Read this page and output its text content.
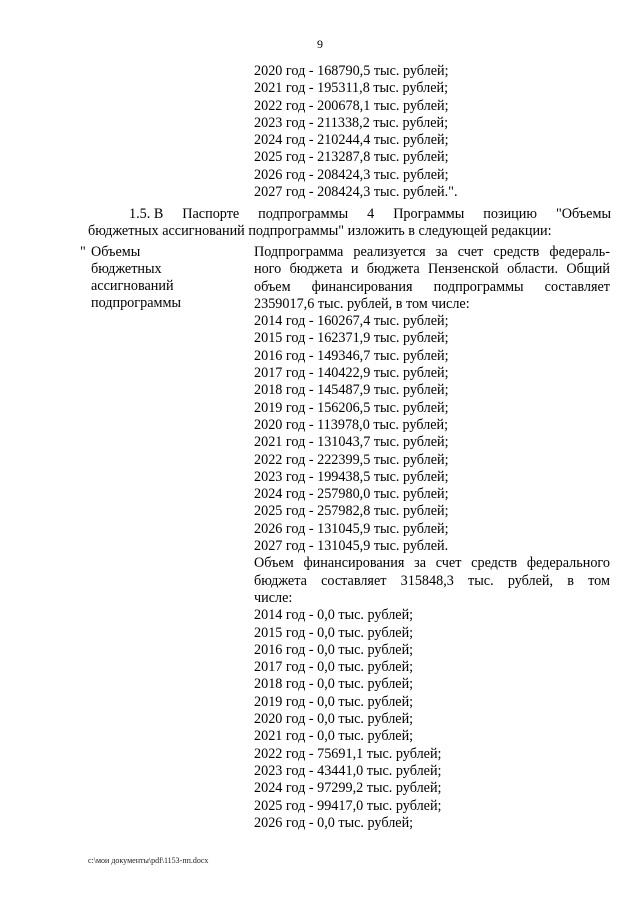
9
2020 год - 168790,5 тыс. рублей;
2021 год - 195311,8 тыс. рублей;
2022 год - 200678,1 тыс. рублей;
2023 год - 211338,2 тыс. рублей;
2024 год - 210244,4 тыс. рублей;
2025 год - 213287,8 тыс. рублей;
2026 год - 208424,3 тыс. рублей;
2027 год - 208424,3 тыс. рублей.".
1.5. В Паспорте подпрограммы 4 Программы позицию "Объемы
бюджетных ассигнований подпрограммы" изложить в следующей редакции:
" Объемы
бюджетных
ассигнований
подпрограммы
Подпрограмма реализуется за счет средств федераль-
ного бюджета и бюджета Пензенской области. Общий
объем финансирования подпрограммы составляет
2359017,6 тыс. рублей, в том числе:
2014 год - 160267,4 тыс. рублей;
2015 год - 162371,9 тыс. рублей;
2016 год - 149346,7 тыс. рублей;
2017 год - 140422,9 тыс. рублей;
2018 год - 145487,9 тыс. рублей;
2019 год - 156206,5 тыс. рублей;
2020 год - 113978,0 тыс. рублей;
2021 год - 131043,7 тыс. рублей;
2022 год - 222399,5 тыс. рублей;
2023 год - 199438,5 тыс. рублей;
2024 год - 257980,0 тыс. рублей;
2025 год - 257982,8 тыс. рублей;
2026 год - 131045,9 тыс. рублей;
2027 год - 131045,9 тыс. рублей.
Объем финансирования за счет средств федерального
бюджета составляет 315848,3 тыс. рублей, в том
числе:
2014 год - 0,0 тыс. рублей;
2015 год - 0,0 тыс. рублей;
2016 год - 0,0 тыс. рублей;
2017 год - 0,0 тыс. рублей;
2018 год - 0,0 тыс. рублей;
2019 год - 0,0 тыс. рублей;
2020 год - 0,0 тыс. рублей;
2021 год - 0,0 тыс. рублей;
2022 год - 75691,1 тыс. рублей;
2023 год - 43441,0 тыс. рублей;
2024 год - 97299,2 тыс. рублей;
2025 год - 99417,0 тыс. рублей;
2026 год - 0,0 тыс. рублей;
c:\мои документы\pdf\1153-пп.docx
